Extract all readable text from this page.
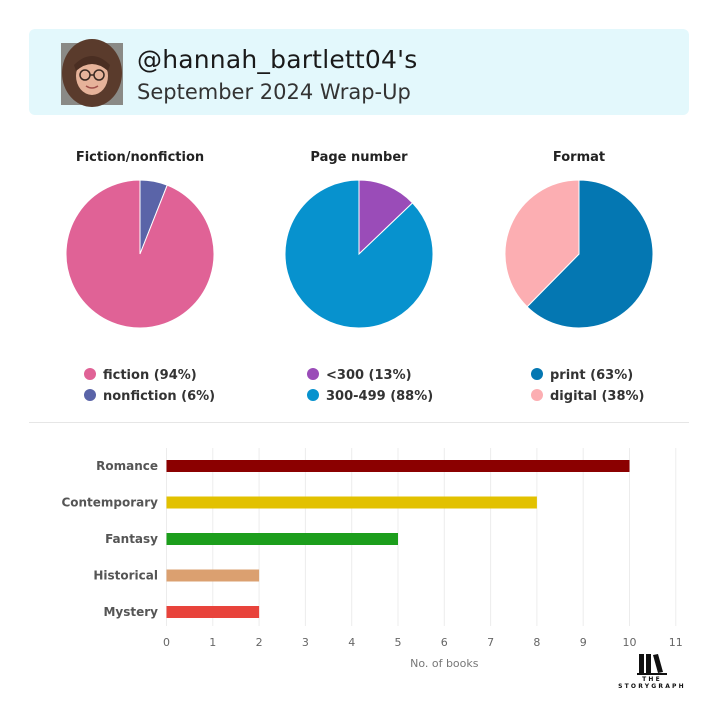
@hannah_bartlett04's
September 2024 Wrap-Up
Fiction/nonfiction	Page number	Format
fiction (94%)
nonfiction (6%)
<300 (13%)
300-499 (88%)
print (63%)
digital (38%)
0	1	2	3	4	5	6	7	8	9	10	11
Romance
Contemporary
Fantasy
Historical
Mystery
No. of books
THE
STORYGRAPH
